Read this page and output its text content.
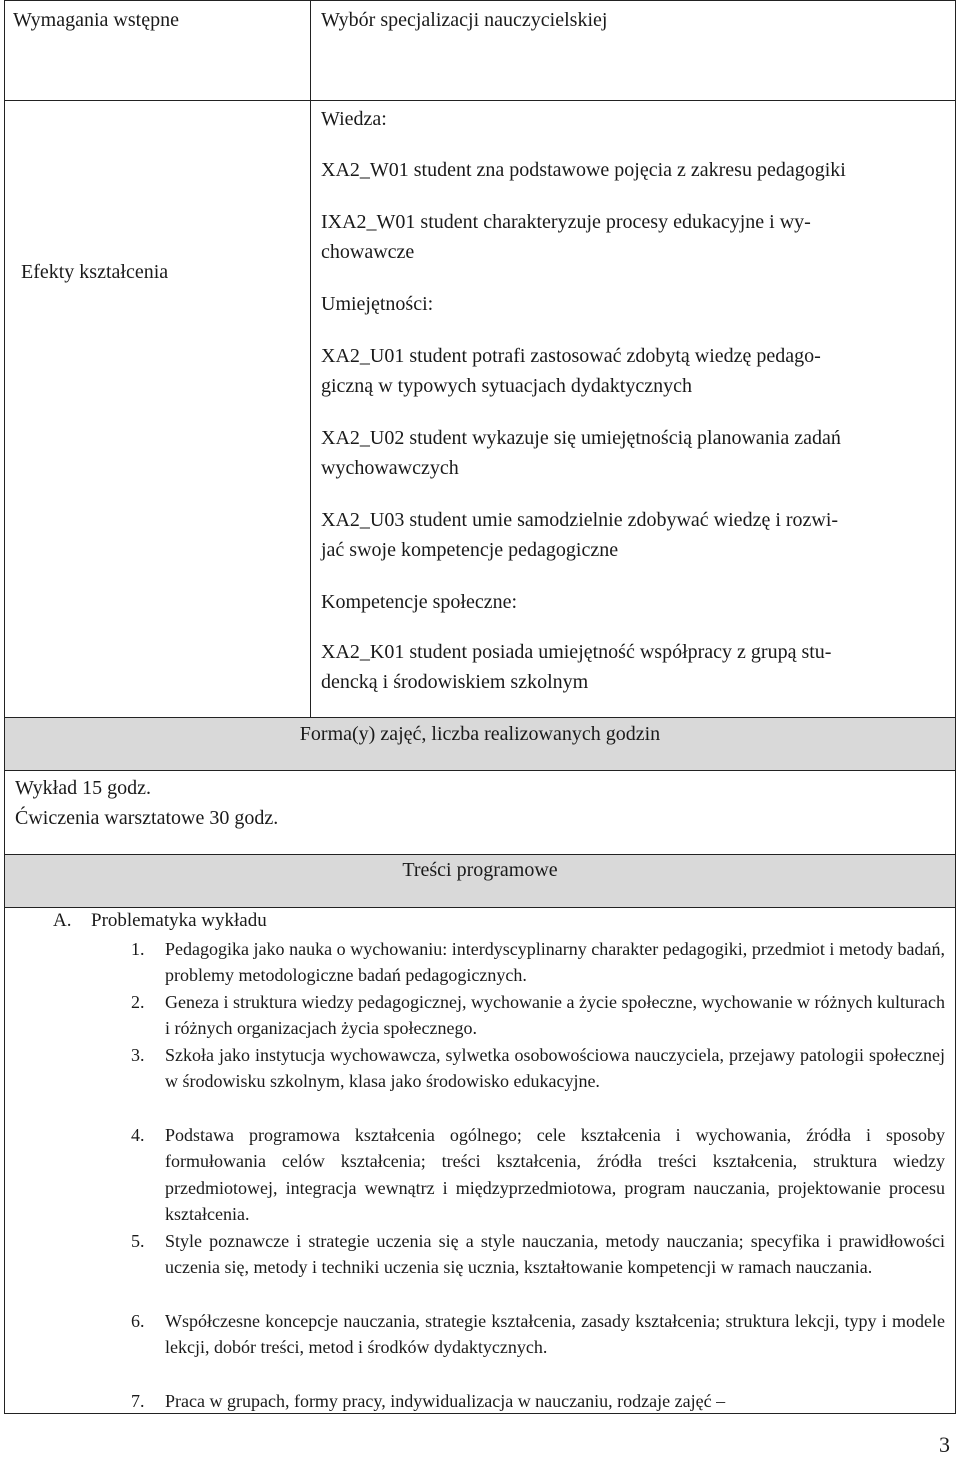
Wymagania wstępne	Wybór specjalizacji nauczycielskiej
Efekty kształcenia
Wiedza:
XA2_W01 student zna podstawowe pojęcia z zakresu pedagogiki
IXA2_W01 student charakteryzuje procesy edukacyjne i wy-
chowawcze
Umiejętności:
XA2_U01 student potrafi zastosować zdobytą wiedzę pedago-
giczną w typowych sytuacjach dydaktycznych
XA2_U02 student wykazuje się umiejętnością planowania zadań
wychowawczych
XA2_U03 student umie samodzielnie zdobywać wiedzę i rozwi-
jać swoje kompetencje pedagogiczne
Kompetencje społeczne:
XA2_K01 student posiada umiejętność współpracy z grupą stu-
dencką i środowiskiem szkolnym
Forma(y) zajęć, liczba realizowanych godzin
Wykład 15 godz.
Ćwiczenia warsztatowe 30 godz.
Treści programowe
A. Problematyka wykładu
1. Pedagogika jako nauka o wychowaniu: interdyscyplinarny charakter pedagogiki, przedmiot i metody badań, problemy metodologiczne badań pedagogicznych.
2. Geneza i struktura wiedzy pedagogicznej, wychowanie a życie społeczne, wychowanie w różnych kulturach i różnych organizacjach życia społecznego.
3. Szkoła jako instytucja wychowawcza, sylwetka osobowościowa nauczyciela, przejawy patologii społecznej w środowisku szkolnym, klasa jako środowisko edukacyjne.
4. Podstawa programowa kształcenia ogólnego; cele kształcenia i wychowania, źródła i sposoby formułowania celów kształcenia; treści kształcenia, źródła treści kształcenia, struktura wiedzy przedmiotowej, integracja wewnątrz i międzyprzedmiotowa, program nauczania, projektowanie procesu kształcenia.
5. Style poznawcze i strategie uczenia się a style nauczania, metody nauczania; specyfika i prawidłowości uczenia się, metody i techniki uczenia się ucznia, kształtowanie kompetencji w ramach nauczania.
6. Współczesne koncepcje nauczania, strategie kształcenia, zasady kształcenia; struktura lekcji, typy i modele lekcji, dobór treści, metod i środków dydaktycznych.
7. Praca w grupach, formy pracy, indywidualizacja w nauczaniu, rodzaje zajęć –
3
